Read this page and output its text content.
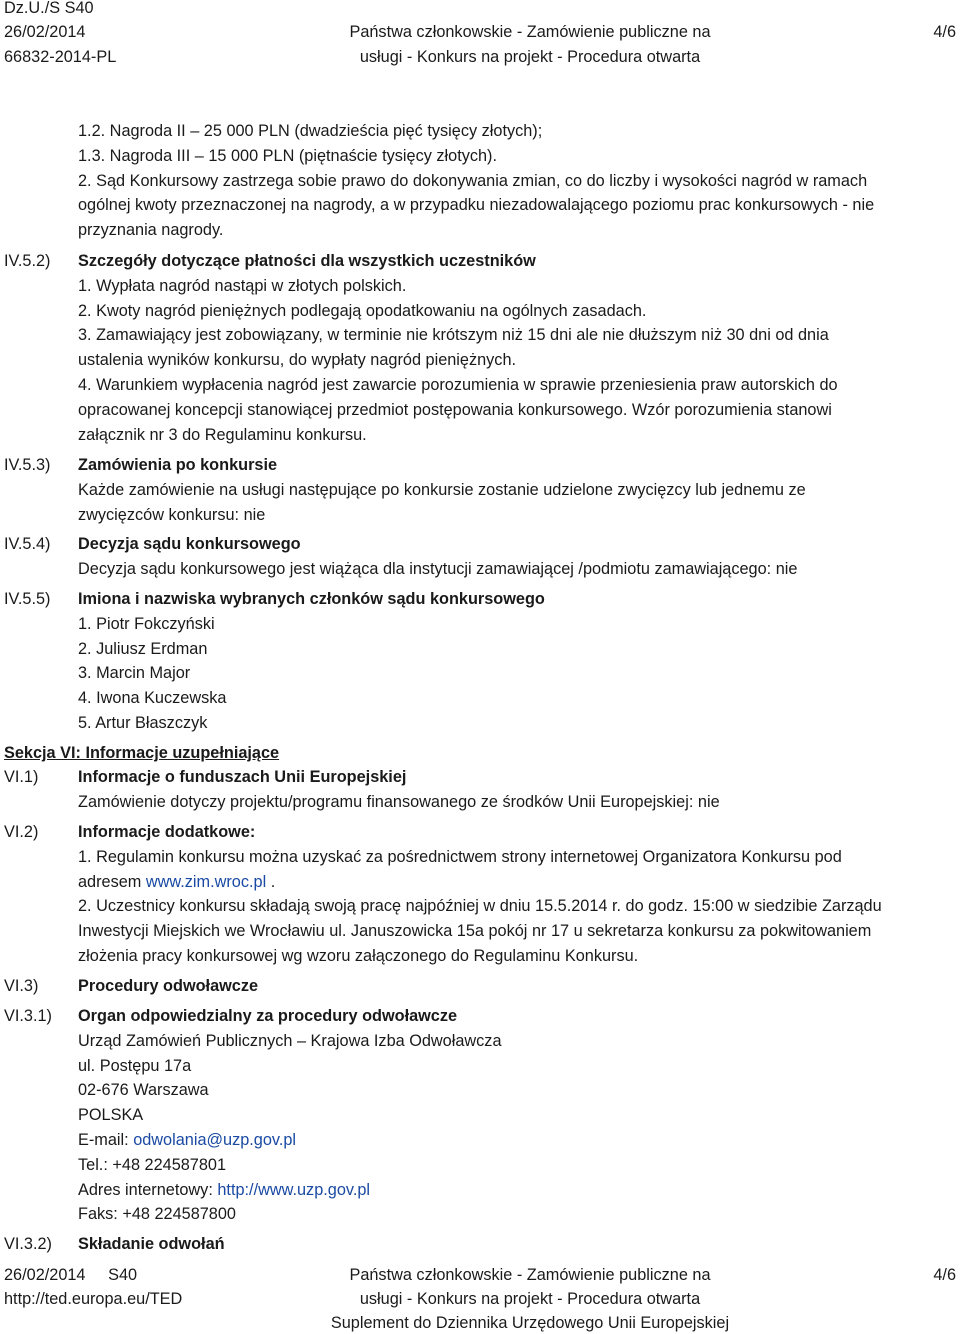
Dz.U./S S40
26/02/2014
66832-2014-PL
Państwa członkowskie - Zamówienie publiczne na
usługi - Konkurs na projekt - Procedura otwarta
4/6

1.2. Nagroda II – 25 000 PLN (dwadzieścia pięć tysięcy złotych);

1.3. Nagroda III – 15 000 PLN (piętnaście tysięcy złotych).

2. Sąd Konkursowy zastrzega sobie prawo do dokonywania zmian, co do liczby i wysokości nagród w ramach

ogólnej kwoty przeznaczonej na nagrody, a w przypadku niezadowalającego poziomu prac konkursowych - nie

przyznania nagrody.

IV.5.2) Szczegóły dotyczące płatności dla wszystkich uczestników

1. Wypłata nagród nastąpi w złotych polskich.

2. Kwoty nagród pieniężnych podlegają opodatkowaniu na ogólnych zasadach.

3. Zamawiający jest zobowiązany, w terminie nie krótszym niż 15 dni ale nie dłuższym niż 30 dni od dnia

ustalenia wyników konkursu, do wypłaty nagród pieniężnych.

4. Warunkiem wypłacenia nagród jest zawarcie porozumienia w sprawie przeniesienia praw autorskich do

opracowanej koncepcji stanowiącej przedmiot postępowania konkursowego. Wzór porozumienia stanowi

załącznik nr 3 do Regulaminu konkursu.

IV.5.3) Zamówienia po konkursie

Każde zamówienie na usługi następujące po konkursie zostanie udzielone zwycięzcy lub jednemu ze

zwycięzców konkursu: nie

IV.5.4) Decyzja sądu konkursowego

Decyzja sądu konkursowego jest wiążąca dla instytucji zamawiającej /podmiotu zamawiającego: nie

IV.5.5) Imiona i nazwiska wybranych członków sądu konkursowego

1. Piotr Fokczyński

2. Juliusz Erdman

3. Marcin Major

4. Iwona Kuczewska

5. Artur Błaszczyk

Sekcja VI: Informacje uzupełniające
VI.1) Informacje o funduszach Unii Europejskiej

Zamówienie dotyczy projektu/programu finansowanego ze środków Unii Europejskiej: nie

VI.2) Informacje dodatkowe:

1. Regulamin konkursu można uzyskać za pośrednictwem strony internetowej Organizatora Konkursu pod

adresem www.zim.wroc.pl .

2. Uczestnicy konkursu składają swoją pracę najpóźniej w dniu 15.5.2014 r. do godz. 15:00 w siedzibie Zarządu

Inwestycji Miejskich we Wrocławiu ul. Januszowicka 15a pokój nr 17 u sekretarza konkursu za pokwitowaniem

złożenia pracy konkursowej wg wzoru załączonego do Regulaminu Konkursu.

VI.3) Procedury odwoławcze

VI.3.1) Organ odpowiedzialny za procedury odwoławcze

Urząd Zamówień Publicznych – Krajowa Izba Odwoławcza

ul. Postępu 17a

02-676 Warszawa

POLSKA

E-mail: odwolania@uzp.gov.pl

Tel.: +48 224587801

Adres internetowy: http://www.uzp.gov.pl

Faks: +48 224587800

VI.3.2) Składanie odwołań

26/02/2014     S40
http://ted.europa.eu/TED
Państwa członkowskie - Zamówienie publiczne na
usługi - Konkurs na projekt - Procedura otwarta
Suplement do Dziennika Urzędowego Unii Europejskiej
4/6
